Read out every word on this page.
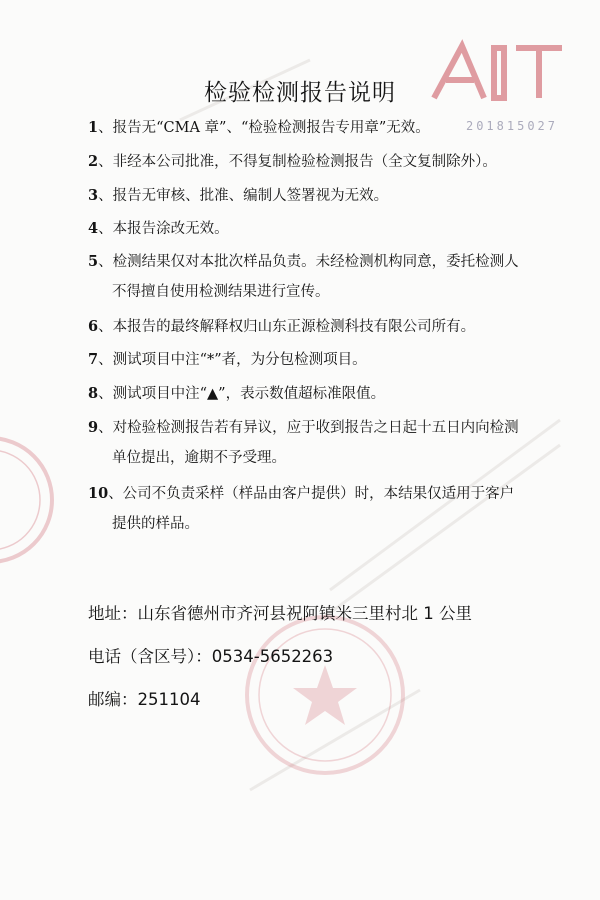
201815027
检验检测报告说明
1、报告无“CMA 章”、“检验检测报告专用章”无效。
2、非经本公司批准，不得复制检验检测报告（全文复制除外）。
3、报告无审核、批准、编制人签署视为无效。
4、本报告涂改无效。
5、检测结果仅对本批次样品负责。未经检测机构同意，委托检测人
不得擅自使用检测结果进行宣传。
6、本报告的最终解释权归山东正源检测科技有限公司所有。
7、测试项目中注“*”者，为分包检测项目。
8、测试项目中注“▲”，表示数值超标准限值。
9、对检验检测报告若有异议，应于收到报告之日起十五日内向检测
单位提出，逾期不予受理。
10、公司不负责采样（样品由客户提供）时，本结果仅适用于客户
提供的样品。
地址：山东省德州市齐河县祝阿镇米三里村北 1 公里
电话（含区号）：0534-5652263
邮编：251104
